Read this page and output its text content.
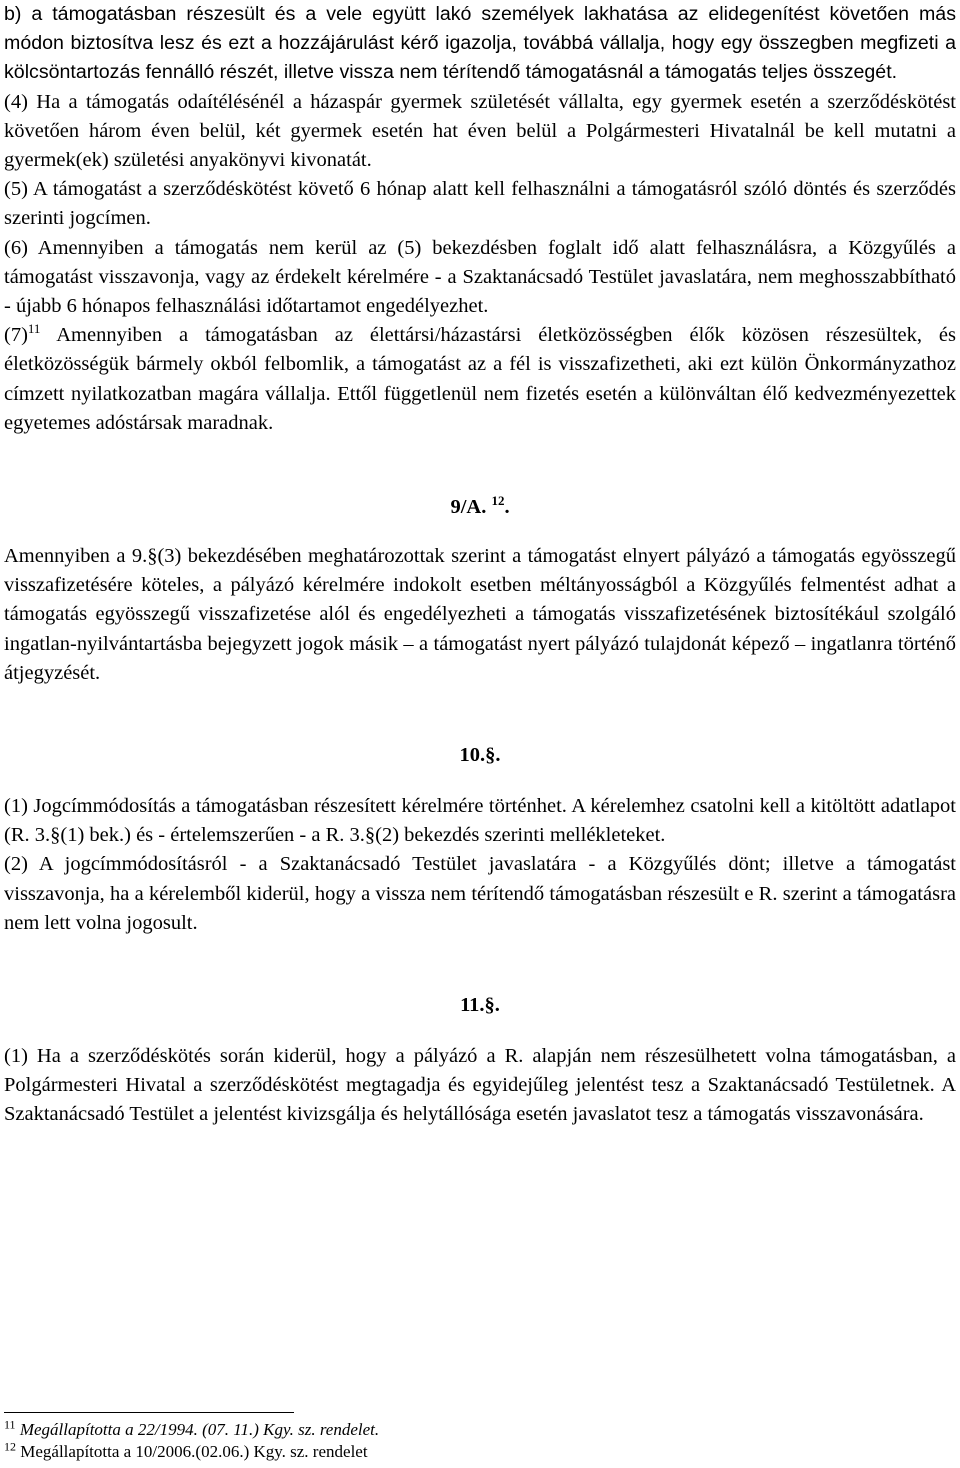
b) a támogatásban részesült és a vele együtt lakó személyek lakhatása az elidegenítést követően más módon biztosítva lesz és ezt a hozzájárulást kérő igazolja, továbbá vállalja, hogy egy összegben megfizeti a kölcsöntartozás fennálló részét, illetve vissza nem térítendő támogatásnál a támogatás teljes összegét.

(4) Ha a támogatás odaítélésénél a házaspár gyermek születését vállalta, egy gyermek esetén a szerződéskötést követően három éven belül, két gyermek esetén hat éven belül a Polgármesteri Hivatalnál be kell mutatni a gyermek(ek) születési anyakönyvi kivonatát.

(5) A támogatást a szerződéskötést követő 6 hónap alatt kell felhasználni a támogatásról szóló döntés és szerződés szerinti jogcímen.

(6) Amennyiben a támogatás nem kerül az (5) bekezdésben foglalt idő alatt felhasználásra, a Közgyűlés a támogatást visszavonja, vagy az érdekelt kérelmére - a Szaktanácsadó Testület javaslatára, nem meghosszabbítható - újabb 6 hónapos felhasználási időtartamot engedélyezhet.

$(7)^{11}$ Amennyiben a támogatásban az élettársi/házastársi életközösségben élők közösen részesültek, és életközösségük bármely okból felbomlik, a támogatást az a fél is visszafizetheti, aki ezt külön Önkormányzathoz címzett nyilatkozatban magára vállalja. Ettől függetlenül nem fizetés esetén a különváltan élő kedvezményezettek egyetemes adóstársak maradnak.

9/A. $^{12}$.

Amennyiben a 9.§(3) bekezdésében meghatározottak szerint a támogatást elnyert pályázó a támogatás egyösszegű visszafizetésére köteles, a pályázó kérelmére indokolt esetben méltányosságból a Közgyűlés felmentést adhat a támogatás egyösszegű visszafizetése alól és engedélyezheti a támogatás visszafizetésének biztosítékául szolgáló ingatlan-nyilvántartásba bejegyzett jogok másik – a támogatást nyert pályázó tulajdonát képező – ingatlanra történő átjegyzését.

10.§.

(1) Jogcímmódosítás a támogatásban részesített kérelmére történhet. A kérelemhez csatolni kell a kitöltött adatlapot (R. 3.§(1) bek.) és - értelemszerűen - a R. 3.§(2) bekezdés szerinti mellékleteket.

(2) A jogcímmódosításról - a Szaktanácsadó Testület javaslatára - a Közgyűlés dönt; illetve a támogatást visszavonja, ha a kérelemből kiderül, hogy a vissza nem térítendő támogatásban részesült e R. szerint a támogatásra nem lett volna jogosult.

11.§.

(1) Ha a szerződéskötés során kiderül, hogy a pályázó a R. alapján nem részesülhetett volna támogatásban, a Polgármesteri Hivatal a szerződéskötést megtagadja és egyidejűleg jelentést tesz a Szaktanácsadó Testületnek. A Szaktanácsadó Testület a jelentést kivizsgálja és helytállósága esetén javaslatot tesz a támogatás visszavonására.

$^{11}$ Megállapította a 22/1994. (07. 11.) Kgy. sz. rendelet.

$^{12}$ Megállapította a 10/2006.(02.06.) Kgy. sz. rendelet
